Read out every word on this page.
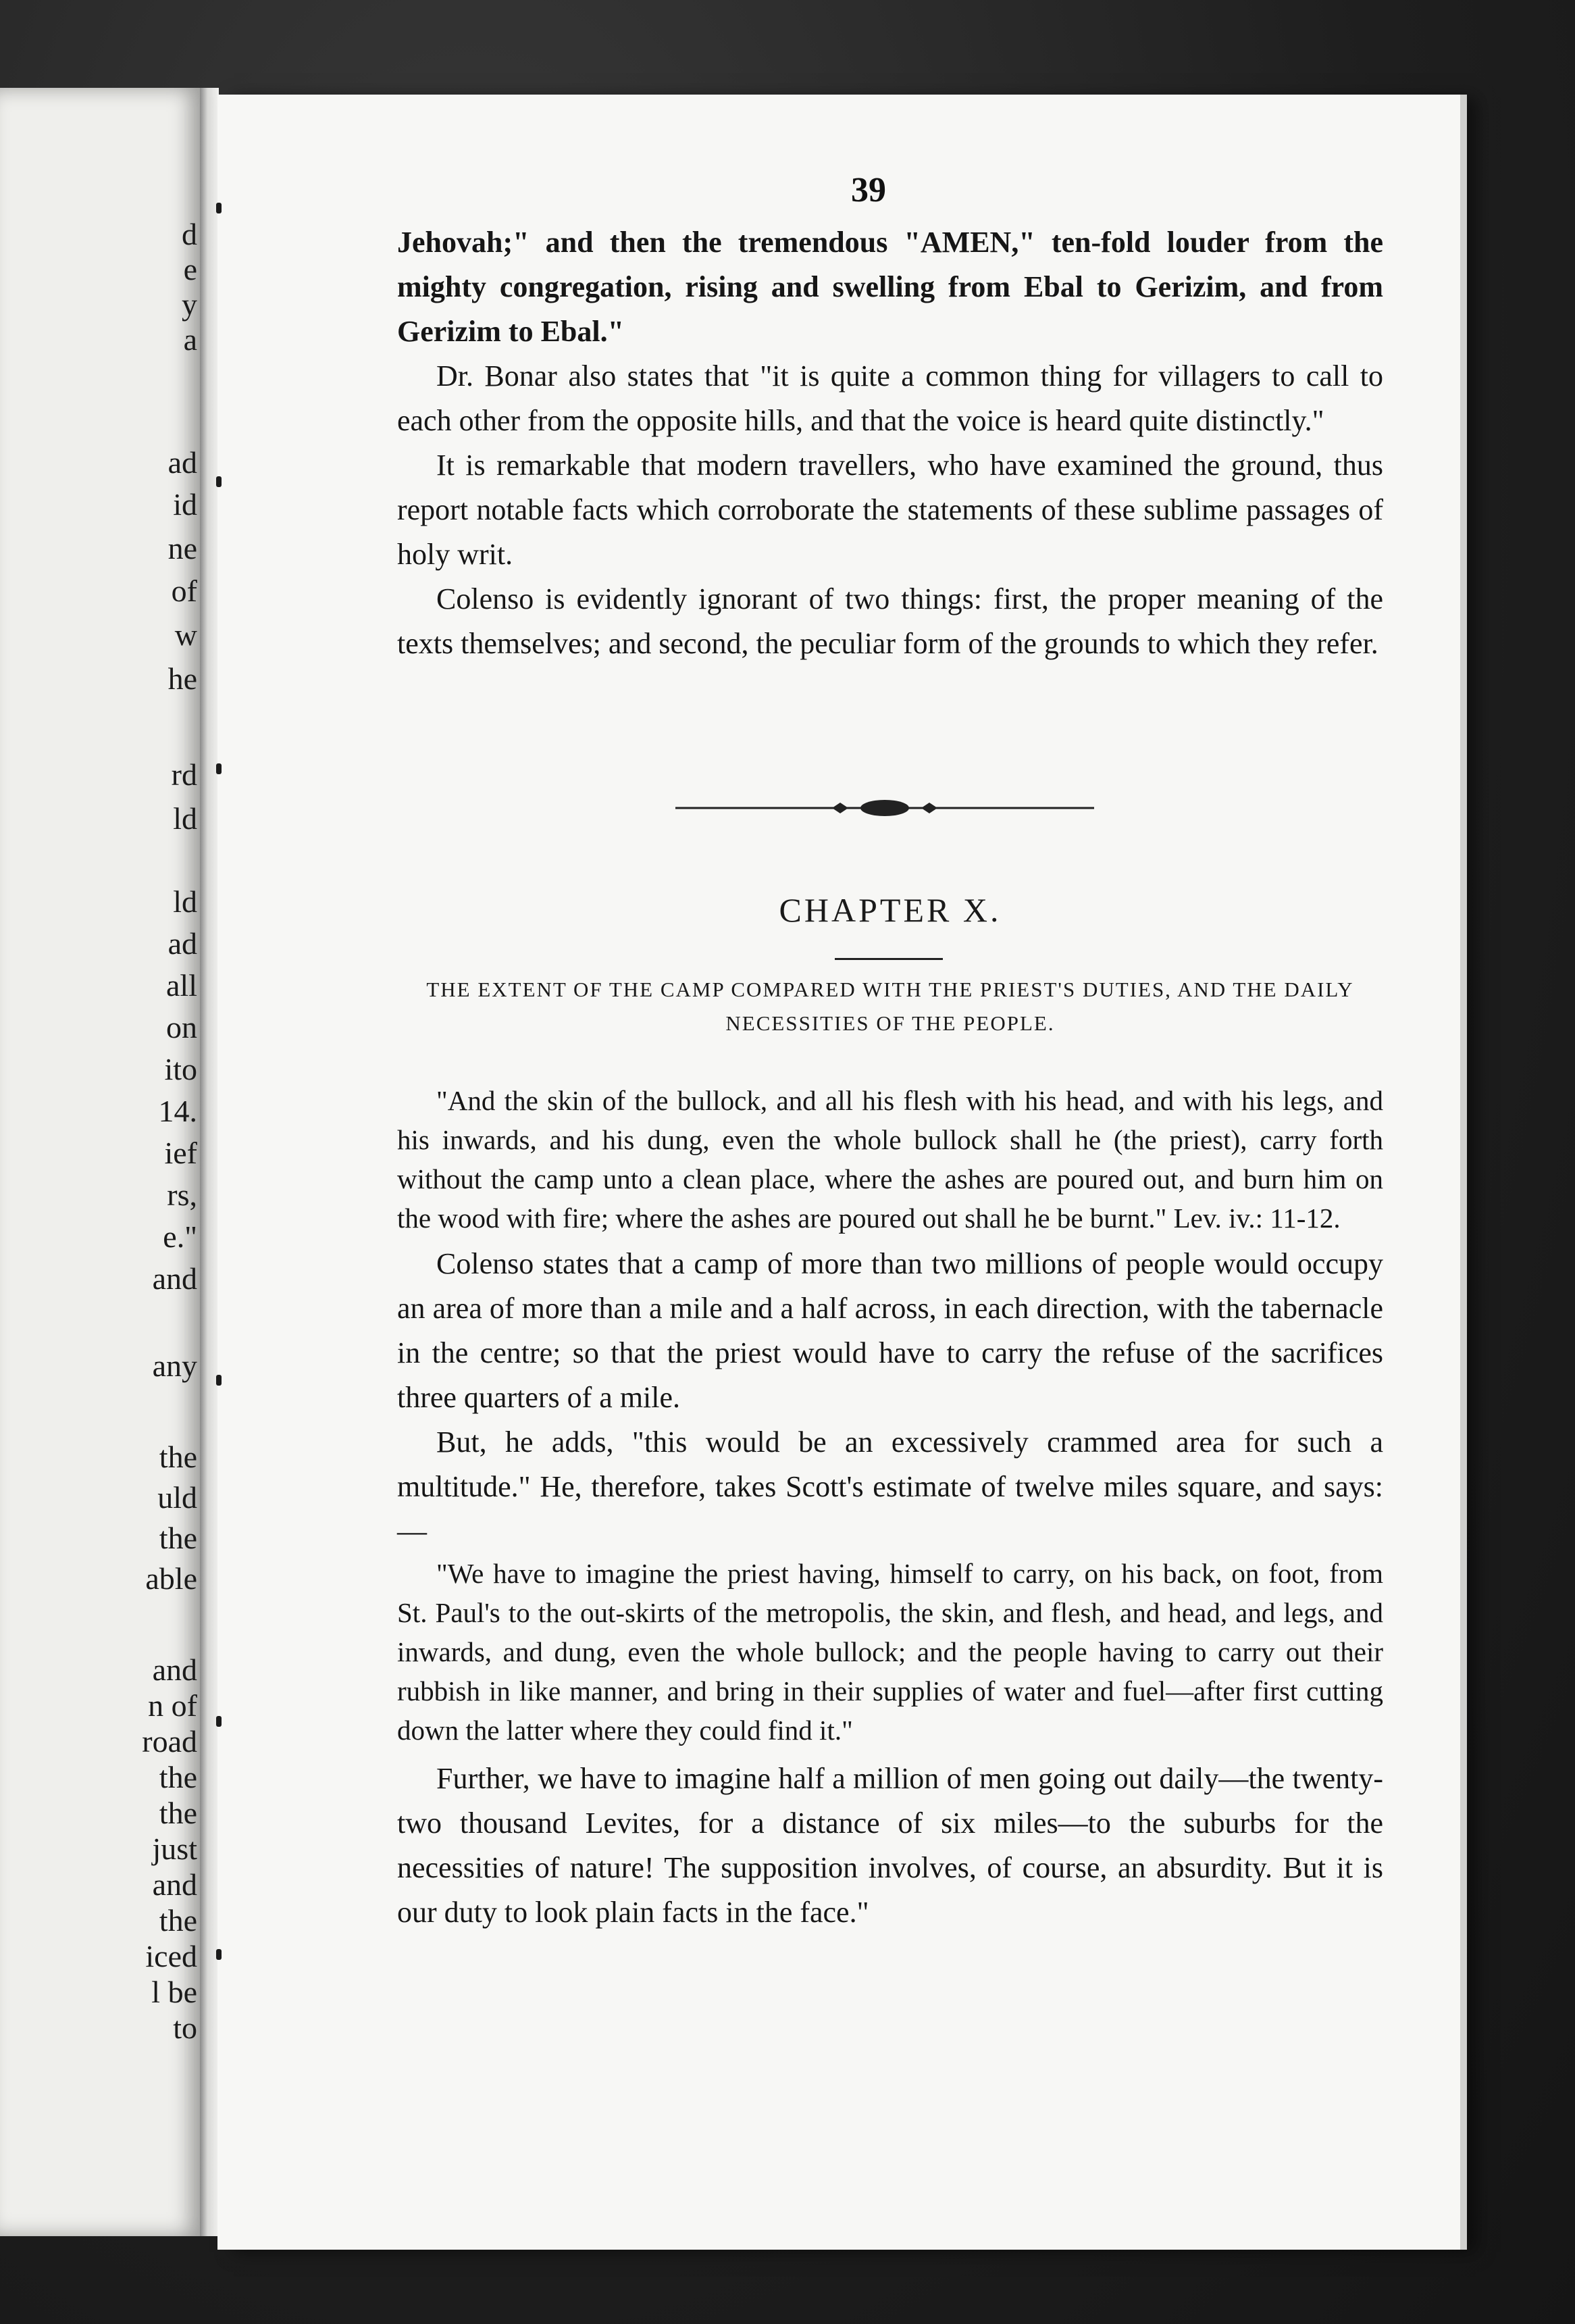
d

e

y

a

ad

id

ne

of

w

he

rd

ld

ld

ad

all

on

ito

14.

ief

rs,

e."

and

any

the

uld

the

able

and

n of

road

the

the

just

and

the

iced

l be

to

39

Jehovah;" and then the tremendous "AMEN," ten-fold louder from the mighty congregation, rising and swelling from Ebal to Gerizim, and from Gerizim to Ebal."

Dr. Bonar also states that "it is quite a common thing for villagers to call to each other from the opposite hills, and that the voice is heard quite distinctly."

It is remarkable that modern travellers, who have examined the ground, thus report notable facts which corroborate the statements of these sublime passages of holy writ.

Colenso is evidently ignorant of two things: first, the proper meaning of the texts themselves; and second, the peculiar form of the grounds to which they refer.

CHAPTER X.

THE EXTENT OF THE CAMP COMPARED WITH THE PRIEST'S DUTIES, AND THE DAILY NECESSITIES OF THE PEOPLE.

"And the skin of the bullock, and all his flesh with his head, and with his legs, and his inwards, and his dung, even the whole bullock shall he (the priest), carry forth without the camp unto a clean place, where the ashes are poured out, and burn him on the wood with fire; where the ashes are poured out shall he be burnt." Lev. iv.: 11-12.

Colenso states that a camp of more than two millions of people would occupy an area of more than a mile and a half across, in each direction, with the tabernacle in the centre; so that the priest would have to carry the refuse of the sacrifices three quarters of a mile.

But, he adds, "this would be an excessively crammed area for such a multitude." He, therefore, takes Scott's estimate of twelve miles square, and says:—

"We have to imagine the priest having, himself to carry, on his back, on foot, from St. Paul's to the out-skirts of the metropolis, the skin, and flesh, and head, and legs, and inwards, and dung, even the whole bullock; and the people having to carry out their rubbish in like manner, and bring in their supplies of water and fuel—after first cutting down the latter where they could find it."

Further, we have to imagine half a million of men going out daily—the twenty-two thousand Levites, for a distance of six miles—to the suburbs for the necessities of nature! The supposition involves, of course, an absurdity. But it is our duty to look plain facts in the face."
